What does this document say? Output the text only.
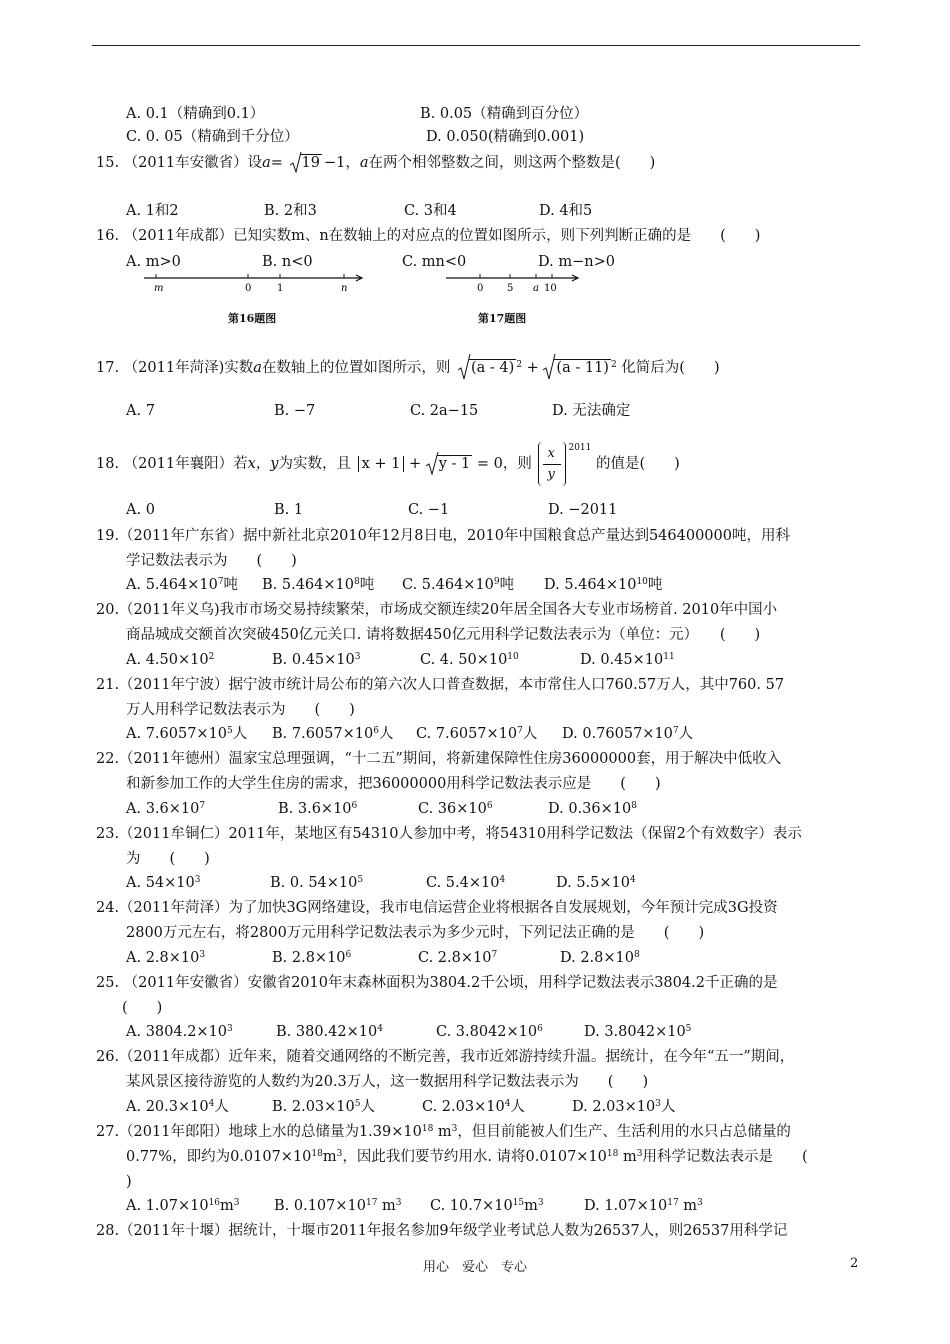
A. 0.1（精确到0.1）	B. 0.05（精确到百分位）
C. 0. 05（精确到千分位）	D. 0.050(精确到0.001)
15. （2011车安徽省）设a= 19 −1，a在两个相邻整数之间，则这两个整数是(　　)
A. 1和2	B. 2和3	C. 3和4	D. 4和5
16. （2011年成都）已知实数m、n在数轴上的对应点的位置如图所示，则下列判断正确的是　　(　　)
A. m>0	B. n<0	C. mn<0	D. m−n>0
m	0	1	n
第16题图
0 5 a 10
第17题图
17. （2011年菏泽)实数a在数轴上的位置如图所示，则 (a - 4) $^2$ + (a - 11) $^2$ 化简后为(　　)
A. 7	B. −7	C. 2a−15	D. 无法确定
18. （2011年襄阳）若x，y为实数，且 x + 1 + y - 1 = 0，则 $\frac{x}{y} ^{2011}$ 的值是(　　)
A. 0	B. 1	C. −1	D. −2011
19.（2011年广东省）据中新社北京2010年12月8日电，2010年中国粮食总产量达到546400000吨，用科
学记数法表示为　　(　　)
A. $5.464\times 10^7$吨 B. $5.464\times 10^8$吨 C. $5.464\times 10^9$吨 D. $5.464\times 10^{10}$吨
20.（2011年义乌)我市市场交易持续繁荣，市场成交额连续20年居全国各大专业市场榜首. 2010年中国小
商品城成交额首次突破450亿元关口. 请将数据450亿元用科学记数法表示为（单位：元）　　(　　)
A. $4.50\times 10^2$	B. $0.45\times 10^3$	C. 4. $50\times 10^{10}$	D. $0.45\times 10^{11}$
21.（2011年宁波）据宁波市统计局公布的第六次人口普查数据，本市常住人口760.57万人，其中760. 57
万人用科学记数法表示为　　(　　)
A. $7.6057\times 10^5$人 B. $7.6057\times 10^6$人 C. $7.6057\times 10^7$人 D. $0.76057\times 10^7$人
22.（2011年德州）温家宝总理强调，“十二五”期间，将新建保障性住房36000000套，用于解决中低收入
和新参加工作的大学生住房的需求，把36000000用科学记数法表示应是　　(　　)
A. $3.6\times 10^7$	B. $3.6\times 10^6$	C. $36\times 10^6$	D. $0.36\times 10^8$
23.（2011牟铜仁）2011年，某地区有54310人参加中考，将54310用科学记数法（保留2个有效数字）表示
为　　(　　)
A. $54\times 10^3$	B. 0. $54\times 10^5$	C. $5.4\times 10^4$	D. $5.5\times 10^4$
24.（2011年菏泽）为了加快3G网络建设，我市电信运营企业将根据各自发展规划，今年预计完成3G投资
2800万元左右，将2800万元用科学记数法表示为多少元时，下列记法正确的是　　(　　)
A. $2.8\times 10^3$	B. $2.8\times 10^6$	C. $2.8\times 10^7$	D. $2.8\times 10^8$
25. （2011年安徽省）安徽省2010年末森林面积为3804.2千公顷，用科学记数法表示3804.2千正确的是
(　　)
A. $3804.2\times 10^3$	B. $380.42\times 10^4$	C. $3.8042\times 10^6$	D. $3.8042\times 10^5$
26.（2011年成都）近年来，随着交通网络的不断完善，我市近郊游持续升温。据统计，在今年“五一”期间，
某风景区接待游览的人数约为20.3万人，这一数据用科学记数法表示为　　(　　)
A. $20.3\times 10^4$人	B. $2.03\times 10^5$人	C. $2.03\times 10^4$人	D. $2.03\times 10^3$人
27.（2011年郎阳）地球上水的总储量为$1.39\times 10^{18}$ $m^3$，但目前能被人们生产、生活利用的水只占总储量的
0.77%，即约为$0.0107\times 10^{18}m^3$，因此我们要节约用水. 请将$0.0107\times 10^{18}$ $m^3$用科学记数法表示是　　(
)
A. $1.07\times 10^{16}m^3$ B. $0.107\times 10^{17}$ $m^3$ C. $10.7\times 10^{15}m^3$	D. $1.07\times 10^{17}$ $m^3$
28.（2011年十堰）据统计，十堰市2011年报名参加9年级学业考试总人数为26537人，则26537用科学记
用心　爱心　专心	2
